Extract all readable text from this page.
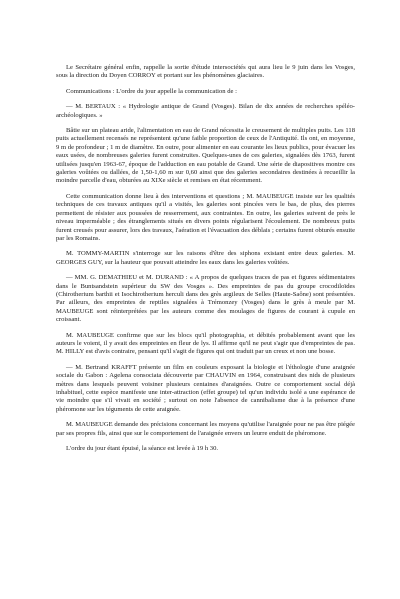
Le Secrétaire général enfin, rappelle la sortie d'étude intersociétés qui aura lieu le 9 juin dans les Vosges, sous la direction du Doyen CORROY et portant sur les phénomènes glaciaires.

Communications : L'ordre du jour appelle la communication de :

— M. BERTAUX : « Hydrologie antique de Grand (Vosges). Bilan de dix années de recherches spéléo-archéologiques. »

Bâtie sur un plateau aride, l'alimentation en eau de Grand nécessita le creusement de multiples puits. Les 118 puits actuellement recensés ne représentent qu'une faible proportion de ceux de l'Antiquité. Ils ont, en moyenne, 9 m de profondeur ; 1 m de diamètre. En outre, pour alimenter en eau courante les lieux publics, pour évacuer les eaux usées, de nombreuses galeries furent construites. Quelques-unes de ces galeries, signalées dès 1763, furent utilisées jusqu'en 1963-67, époque de l'adduction en eau potable de Grand. Une série de diapositives montre ces galeries voûtées ou dallées, de 1,50-1,60 m sur 0,60 ainsi que des galeries secondaires destinées à recueillir la moindre parcelle d'eau, obturées au XIXe siècle et remises en état récemment.

Cette communication donne lieu à des interventions et questions ; M. MAUBEUGE insiste sur les qualités techniques de ces travaux antiques qu'il a visités, les galeries sont pincées vers le bas, de plus, des pierres permettent de résister aux poussées de resserrement, aux contraintes. En outre, les galeries suivent de près le niveau imperméable ; des étranglements situés en divers points régularisent l'écoulement. De nombreux puits furent creusés pour assurer, lors des travaux, l'aération et l'évacuation des déblais ; certains furent obturés ensuite par les Romains.

M. TOMMY-MARTIN s'interroge sur les raisons d'être des siphons existant entre deux galeries. M. GEORGES GUY, sur la hauteur que pouvait atteindre les eaux dans les galeries voûtées.

— MM. G. DEMATHIEU et M. DURAND : « A propos de quelques traces de pas et figures sédimentaires dans le Buntsandstein supérieur du SW des Vosges ». Des empreintes de pas du groupe crocodiloïdes (Chirotherium barthii et Isochirotherium herculi dans des grès argileux de Selles (Haute-Saône) sont présentées. Par ailleurs, des empreintes de reptiles signalées à Trémonzey (Vosges) dans le grès à meule par M. MAUBEUGE sont réinterprétées par les auteurs comme des moulages de figures de courant à cupule en croissant.

M. MAUBEUGE confirme que sur les blocs qu'il photographia, et débités probablement avant que les auteurs le voient, il y avait des empreintes en fleur de lys. Il affirme qu'il ne peut s'agir que d'empreintes de pas. M. HILLY est d'avis contraire, pensant qu'il s'agit de figures qui ont traduit par un creux et non une bosse.

— M. Bertrand KRAFFT présente un film en couleurs exposant la biologie et l'éthologie d'une araignée sociale du Gabon : Agelena consociata découverte par CHAUVIN en 1964, construisant des nids de plusieurs mètres dans lesquels peuvent voisiner plusieurs centaines d'araignées. Outre ce comportement social déjà inhabituel, cette espèce manifeste une inter-attraction (effet groupe) tel qu'un individu isolé a une espérance de vie moindre que s'il vivait en société ; surtout on note l'absence de cannibalisme due à la présence d'une phéromone sur les téguments de cette araignée.

M. MAUBEUGE demande des précisions concernant les moyens qu'utilise l'araignée pour ne pas être piégée par ses propres fils, ainsi que sur le comportement de l'araignée envers un leurre enduit de phéromone.

L'ordre du jour étant épuisé, la séance est levée à 19 h 30.
